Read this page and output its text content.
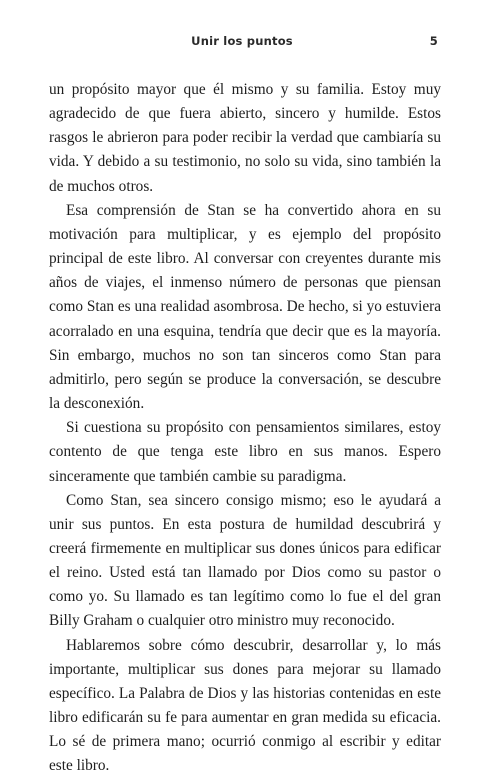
Unir los puntos	5

un propósito mayor que él mismo y su familia. Estoy muy agradecido de que fuera abierto, sincero y humilde. Estos rasgos le abrieron para poder recibir la verdad que cambiaría su vida. Y debido a su testimonio, no solo su vida, sino también la de muchos otros.

Esa comprensión de Stan se ha convertido ahora en su motivación para multiplicar, y es ejemplo del propósito principal de este libro. Al conversar con creyentes durante mis años de viajes, el inmenso número de personas que piensan como Stan es una realidad asombrosa. De hecho, si yo estuviera acorralado en una esquina, tendría que decir que es la mayoría. Sin embargo, muchos no son tan sinceros como Stan para admitirlo, pero según se produce la conversación, se descubre la desconexión.

Si cuestiona su propósito con pensamientos similares, estoy contento de que tenga este libro en sus manos. Espero sinceramente que también cambie su paradigma.

Como Stan, sea sincero consigo mismo; eso le ayudará a unir sus puntos. En esta postura de humildad descubrirá y creerá firmemente en multiplicar sus dones únicos para edificar el reino. Usted está tan llamado por Dios como su pastor o como yo. Su llamado es tan legítimo como lo fue el del gran Billy Graham o cualquier otro ministro muy reconocido.

Hablaremos sobre cómo descubrir, desarrollar y, lo más importante, multiplicar sus dones para mejorar su llamado específico. La Palabra de Dios y las historias contenidas en este libro edificarán su fe para aumentar en gran medida su eficacia. Lo sé de primera mano; ocurrió conmigo al escribir y editar este libro.
